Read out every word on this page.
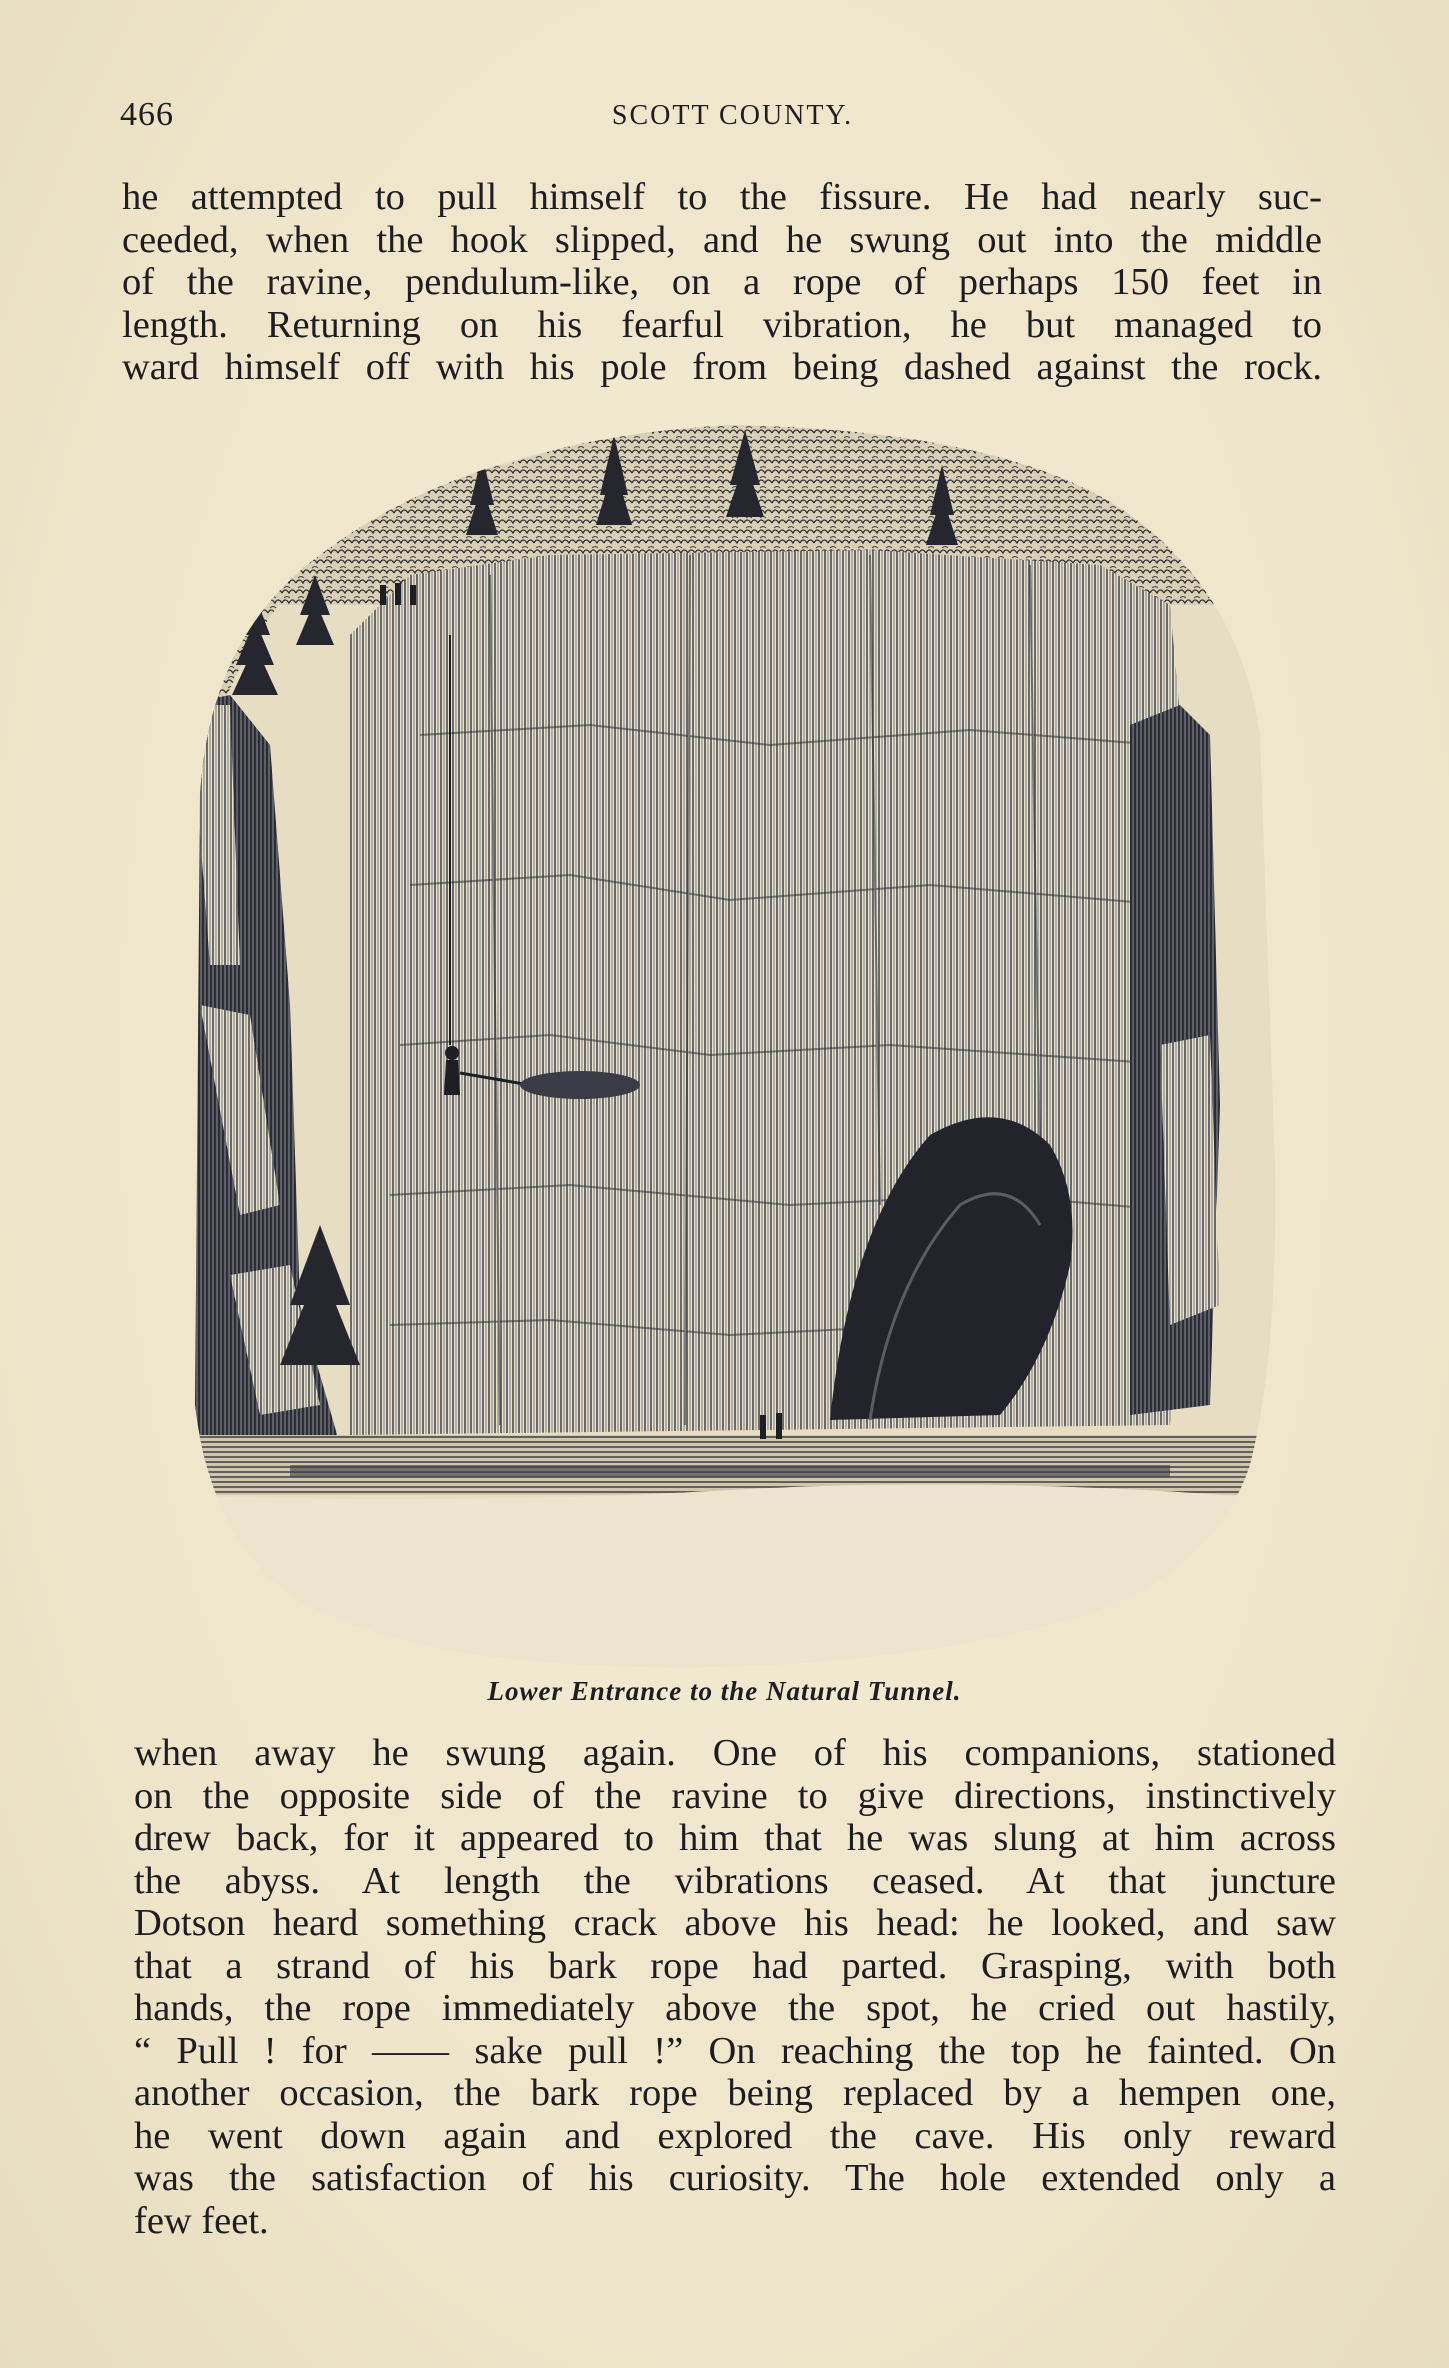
466	SCOTT COUNTY.
he attempted to pull himself to the fissure. He had nearly suc-
ceeded, when the hook slipped, and he swung out into the middle
of the ravine, pendulum-like, on a rope of perhaps 150 feet in
length. Returning on his fearful vibration, he but managed to
ward himself off with his pole from being dashed against the rock.
Lower Entrance to the Natural Tunnel.
when away he swung again. One of his companions, stationed
on the opposite side of the ravine to give directions, instinctively
drew back, for it appeared to him that he was slung at him across
the abyss. At length the vibrations ceased. At that juncture
Dotson heard something crack above his head: he looked, and saw
that a strand of his bark rope had parted. Grasping, with both
hands, the rope immediately above the spot, he cried out hastily,
“ Pull ! for —— sake pull !” On reaching the top he fainted. On
another occasion, the bark rope being replaced by a hempen one,
he went down again and explored the cave. His only reward
was the satisfaction of his curiosity. The hole extended only a
few feet.
